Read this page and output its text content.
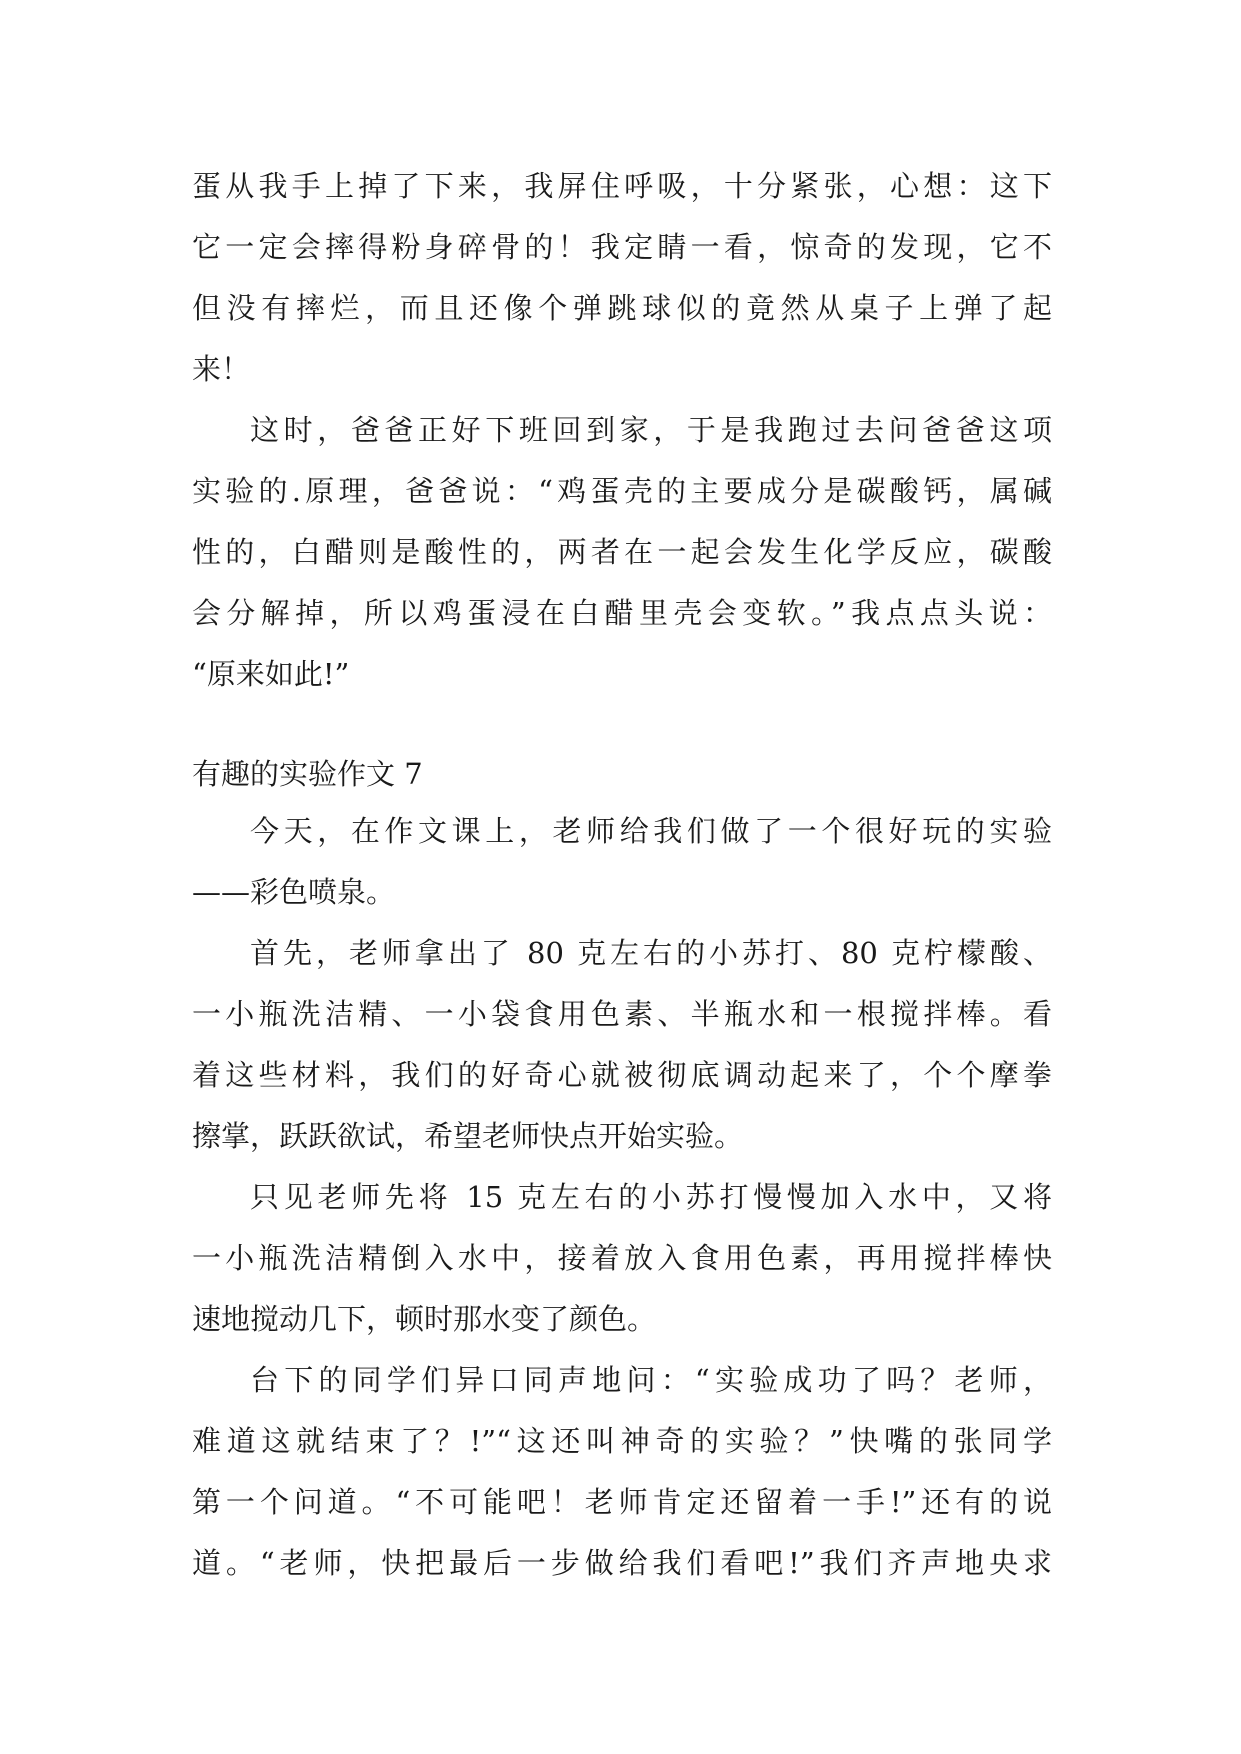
蛋从我手上掉了下来，我屏住呼吸，十分紧张，心想：这下
它一定会摔得粉身碎骨的！我定睛一看，惊奇的发现，它不
但没有摔烂，而且还像个弹跳球似的竟然从桌子上弹了起
来！
这时，爸爸正好下班回到家，于是我跑过去问爸爸这项
实验的.原理，爸爸说：“鸡蛋壳的主要成分是碳酸钙，属碱
性的，白醋则是酸性的，两者在一起会发生化学反应，碳酸
会分解掉，所以鸡蛋浸在白醋里壳会变软。”我点点头说：
“原来如此!”
有趣的实验作文 7
今天，在作文课上，老师给我们做了一个很好玩的实验
——彩色喷泉。
首先，老师拿出了 80 克左右的小苏打、80 克柠檬酸、
一小瓶洗洁精、一小袋食用色素、半瓶水和一根搅拌棒。看
着这些材料，我们的好奇心就被彻底调动起来了，个个摩拳
擦掌，跃跃欲试，希望老师快点开始实验。
只见老师先将 15 克左右的小苏打慢慢加入水中，又将
一小瓶洗洁精倒入水中，接着放入食用色素，再用搅拌棒快
速地搅动几下，顿时那水变了颜色。
台下的同学们异口同声地问：“实验成功了吗？老师，
难道这就结束了？!”“这还叫神奇的实验？”快嘴的张同学
第一个问道。“不可能吧！老师肯定还留着一手!”还有的说
道。“老师，快把最后一步做给我们看吧!”我们齐声地央求
